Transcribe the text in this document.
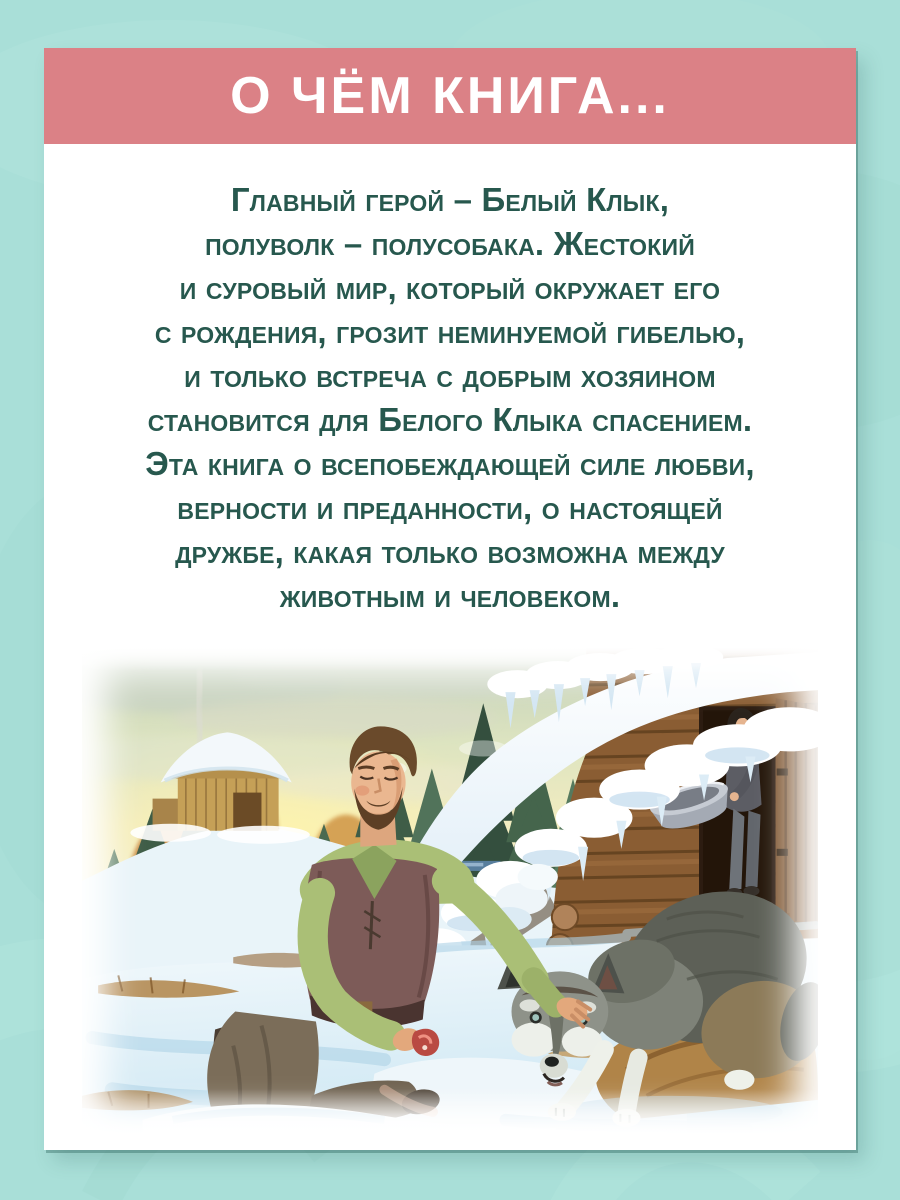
О ЧЁМ КНИГА...
Главный герой – Белый Клык,
полуволк – полусобака. Жестокий
и суровый мир, который окружает его
с рождения, грозит неминуемой гибелью,
и только встреча с добрым хозяином
становится для Белого Клыка спасением.
Эта книга о всепобеждающей силе любви,
верности и преданности, о настоящей
дружбе, какая только возможна между
животным и человеком.
